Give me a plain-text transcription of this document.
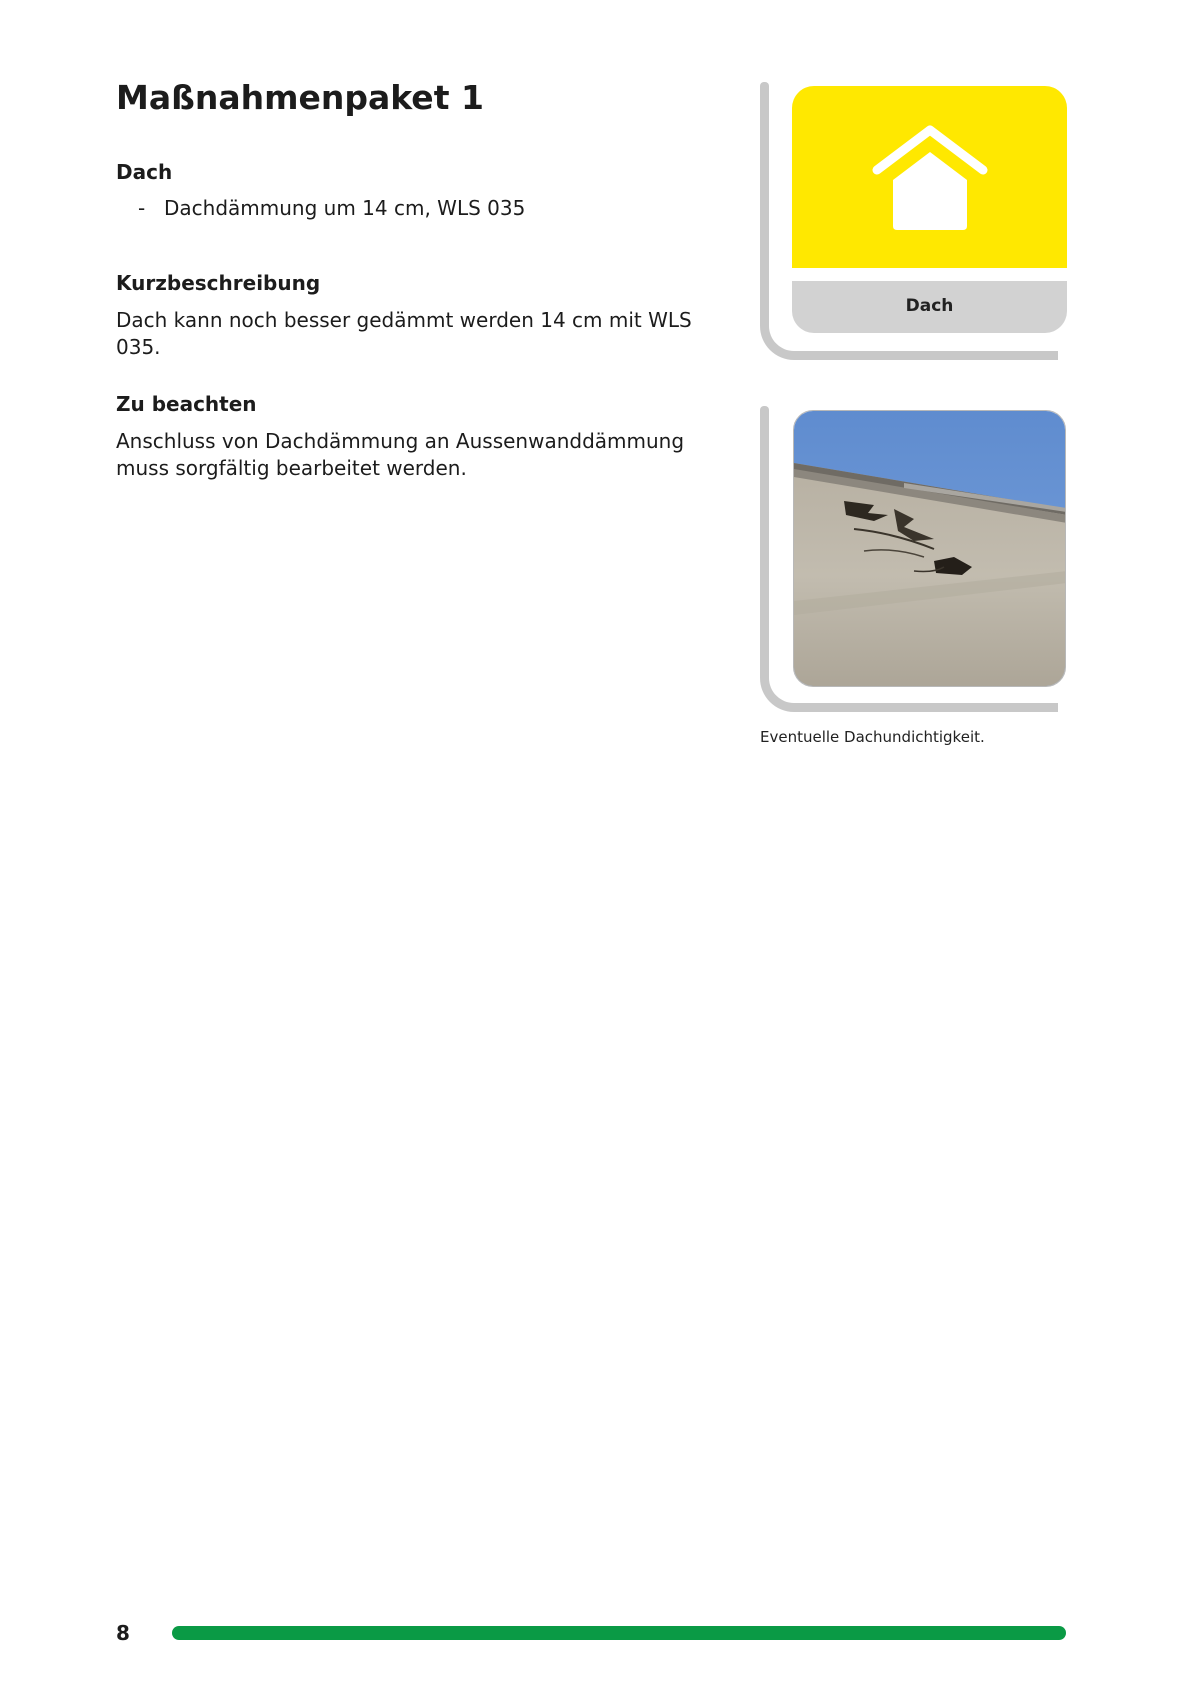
Maßnahmenpaket 1
Dach
- Dachdämmung um 14 cm, WLS 035
Kurzbeschreibung

Dach kann noch besser gedämmt werden 14 cm mit WLS 035.

Zu beachten

Anschluss von Dachdämmung an Aussenwanddämmung muss sorgfältig bearbeitet werden.

Dach
Eventuelle Dachundichtigkeit.
8
